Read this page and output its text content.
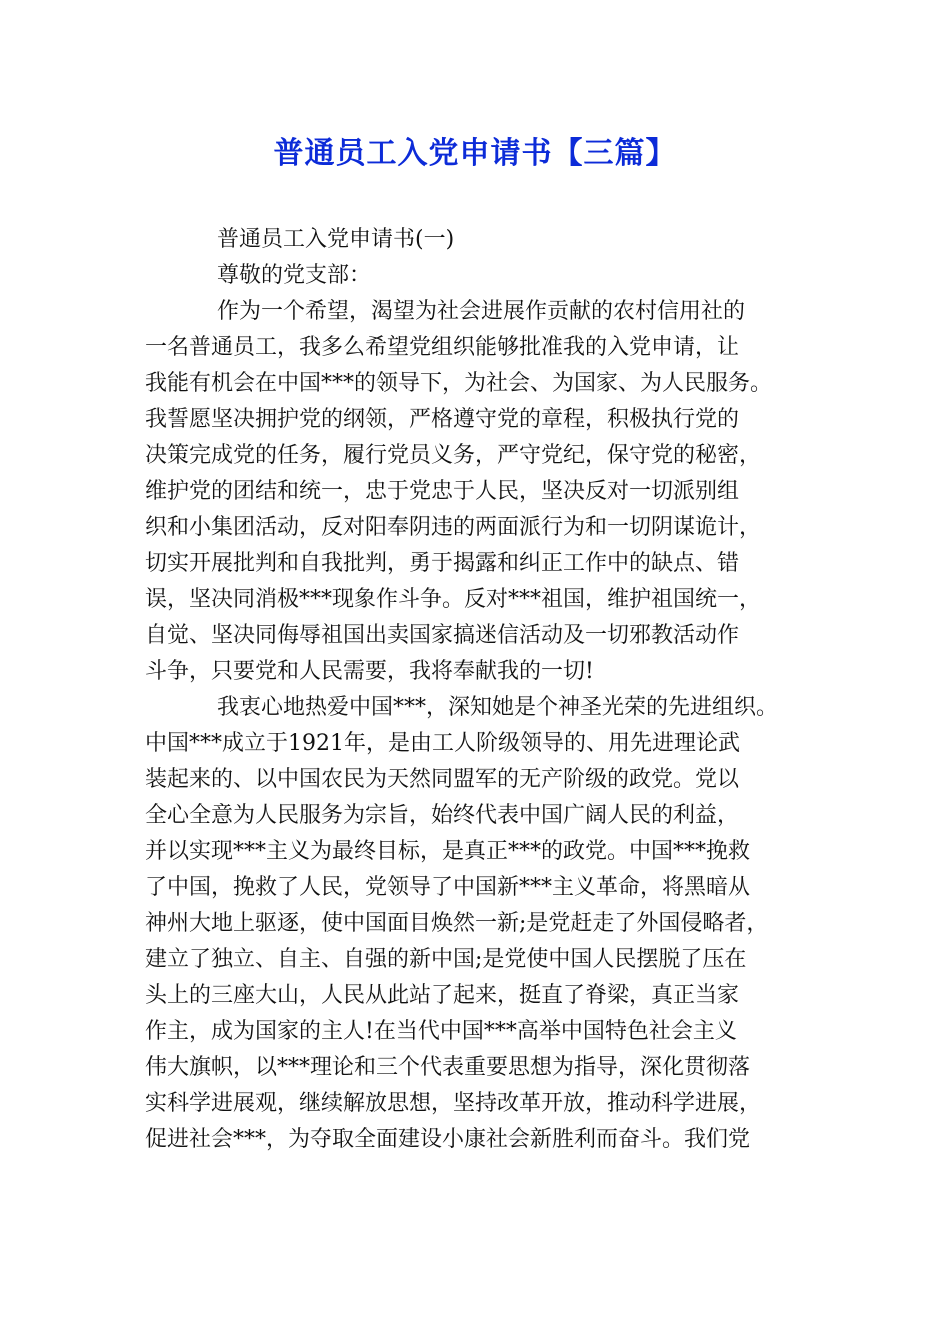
普通员工入党申请书【三篇】
普通员工入党申请书(一)
尊敬的党支部：
作为一个希望，渴望为社会进展作贡献的农村信用社的
一名普通员工，我多么希望党组织能够批准我的入党申请，让
我能有机会在中国***的领导下，为社会、为国家、为人民服务。
我誓愿坚决拥护党的纲领，严格遵守党的章程，积极执行党的
决策完成党的任务，履行党员义务，严守党纪，保守党的秘密，
维护党的团结和统一，忠于党忠于人民，坚决反对一切派别组
织和小集团活动，反对阳奉阴违的两面派行为和一切阴谋诡计，
切实开展批判和自我批判，勇于揭露和纠正工作中的缺点、错
误，坚决同消极***现象作斗争。反对***祖国，维护祖国统一，
自觉、坚决同侮辱祖国出卖国家搞迷信活动及一切邪教活动作
斗争，只要党和人民需要，我将奉献我的一切!
我衷心地热爱中国***，深知她是个神圣光荣的先进组织。
中国***成立于1921年，是由工人阶级领导的、用先进理论武
装起来的、以中国农民为天然同盟军的无产阶级的政党。党以
全心全意为人民服务为宗旨，始终代表中国广阔人民的利益，
并以实现***主义为最终目标，是真正***的政党。中国***挽救
了中国，挽救了人民，党领导了中国新***主义革命，将黑暗从
神州大地上驱逐，使中国面目焕然一新;是党赶走了外国侵略者，
建立了独立、自主、自强的新中国;是党使中国人民摆脱了压在
头上的三座大山，人民从此站了起来，挺直了脊梁，真正当家
作主，成为国家的主人!在当代中国***高举中国特色社会主义
伟大旗帜，以***理论和三个代表重要思想为指导，深化贯彻落
实科学进展观，继续解放思想，坚持改革开放，推动科学进展，
促进社会***，为夺取全面建设小康社会新胜利而奋斗。我们党
